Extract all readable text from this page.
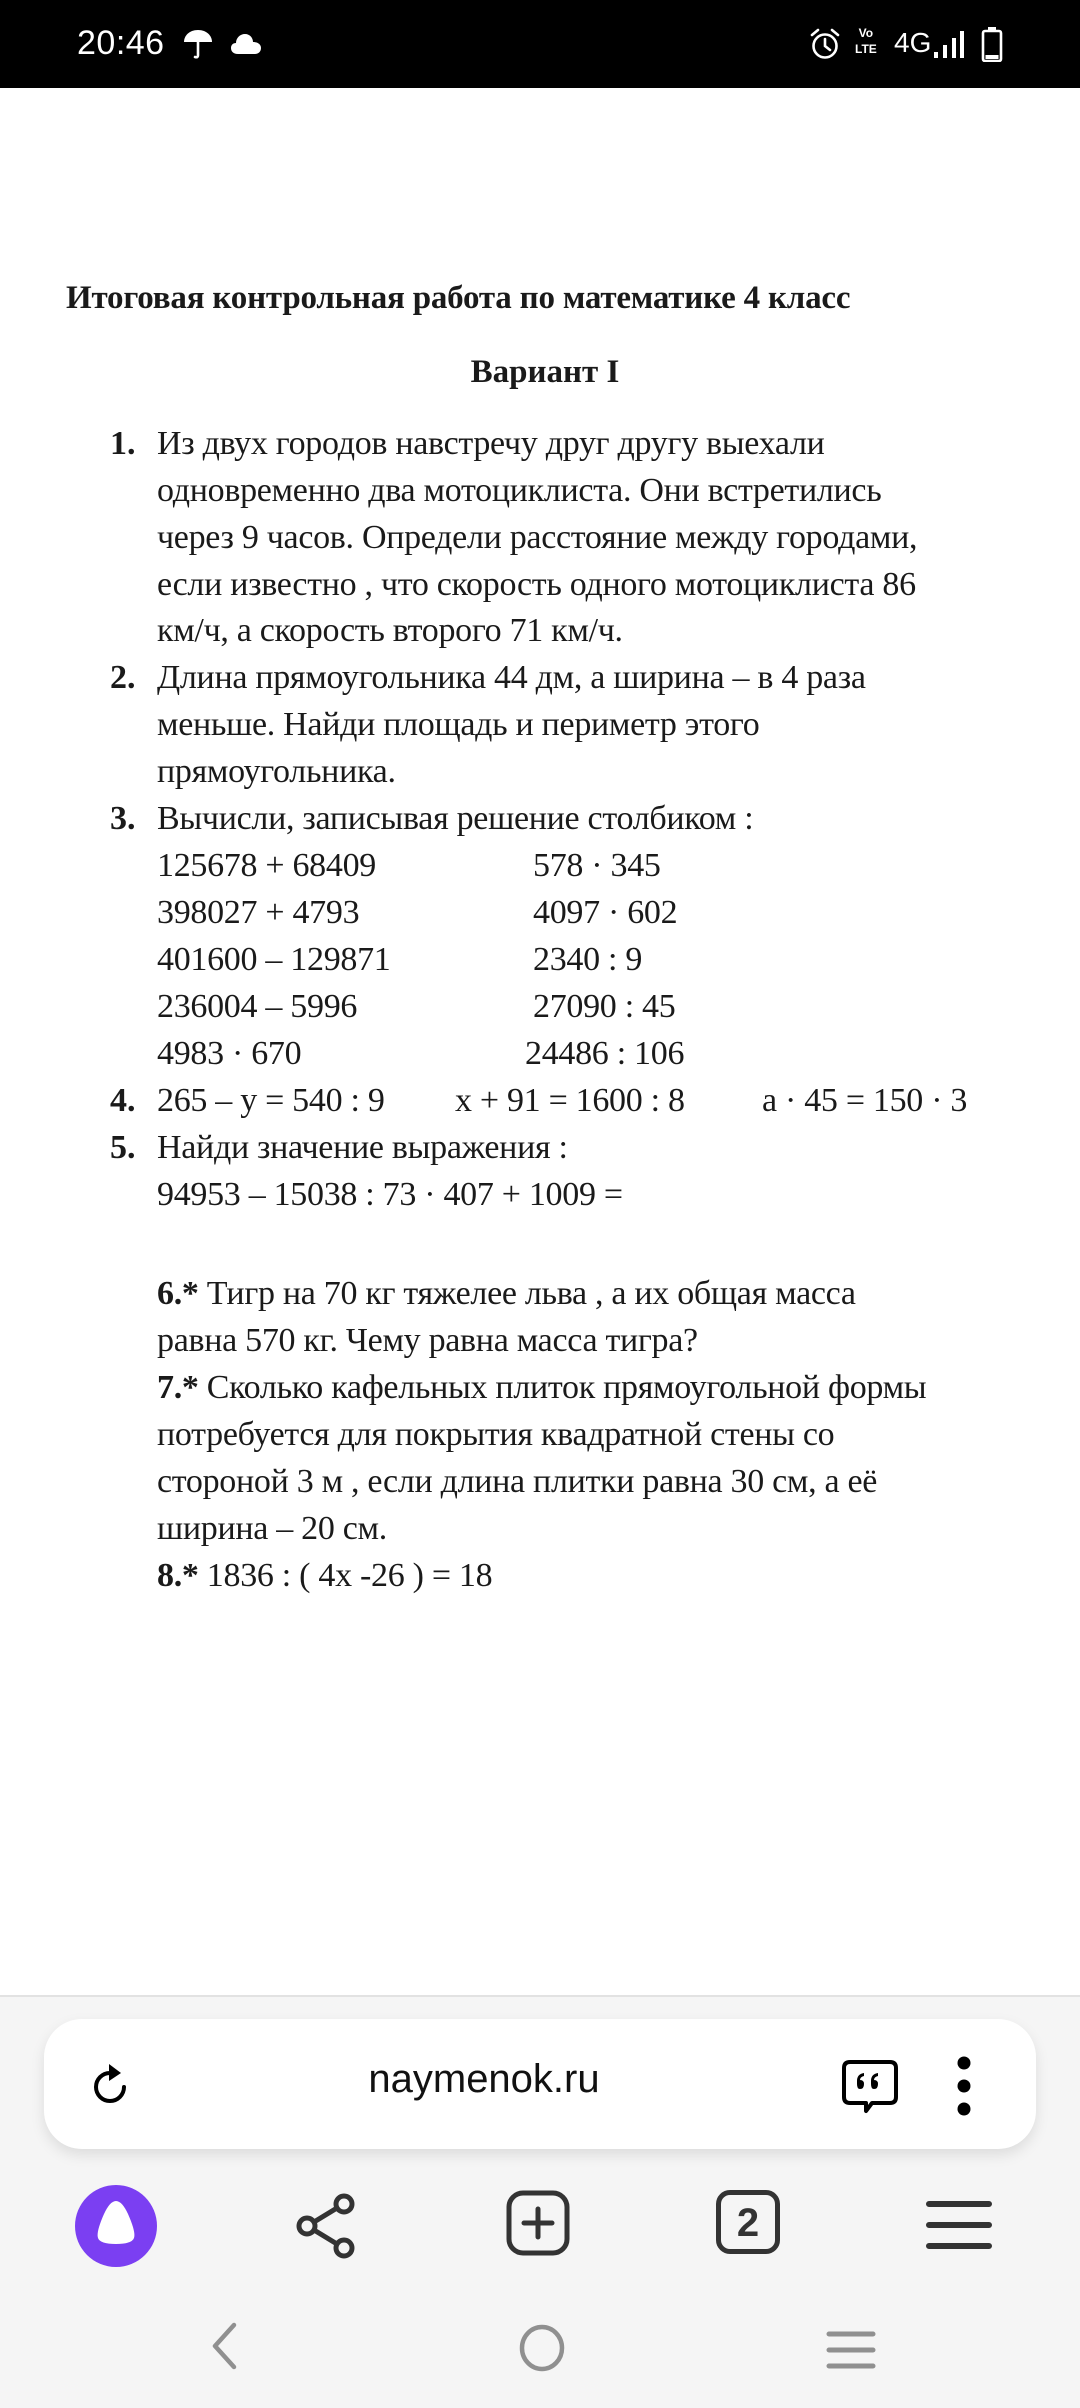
20:46	Vo
LTE 4G
Итоговая контрольная работа по математике 4 класс
Вариант I
1. Из двух городов навстречу друг другу выехали
одновременно два мотоциклиста. Они встретились
через 9 часов. Определи расстояние между городами,
если известно , что скорость одного мотоциклиста 86
км/ч, а скорость второго 71 км/ч.
2. Длина прямоугольника 44 дм, а ширина – в 4 раза
меньше. Найди площадь и периметр этого
прямоугольника.
3. Вычисли, записывая решение столбиком :
125678 + 68409
398027 + 4793
401600 – 129871
236004 – 5996
4983 · 670
578 · 345
4097 · 602
2340 : 9
27090 : 45
24486 : 106
4. 265 – у = 540 : 9 х + 91 = 1600 : 8 а · 45 = 150 · 3
5. Найди значение выражения :
94953 – 15038 : 73 · 407 + 1009 =
6.* Тигр на 70 кг тяжелее льва , а их общая масса
равна 570 кг. Чему равна масса тигра?
7.* Сколько кафельных плиток прямоугольной формы
потребуется для покрытия квадратной стены со
стороной 3 м , если длина плитки равна 30 см, а её
ширина – 20 см.
8.* 1836 : ( 4х -26 ) = 18
naymenok.ru
2
